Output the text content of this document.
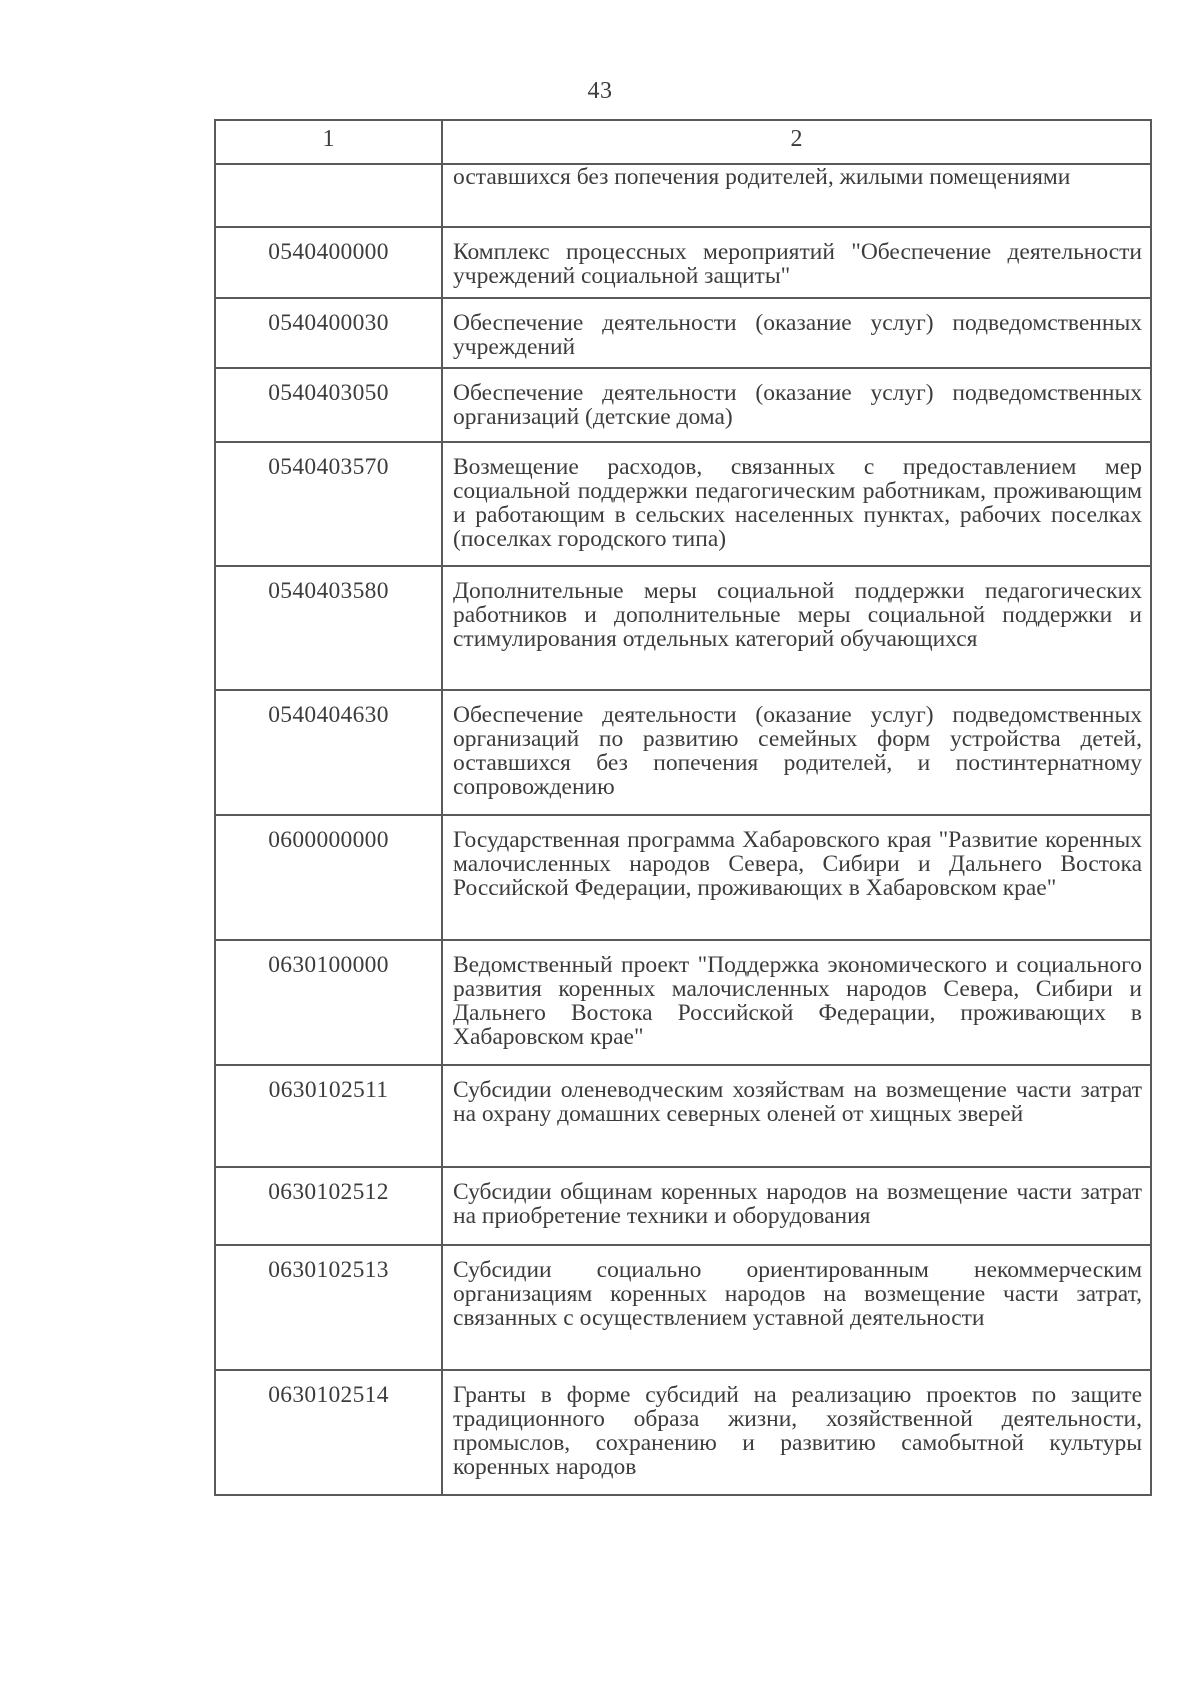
43
1	2
	оставшихся без попечения родителей, жилыми помещениями
0540400000	Комплекс процессных мероприятий "Обеспечение деятельности учреждений социальной защиты"
0540400030	Обеспечение деятельности (оказание услуг) подведомственных учреждений
0540403050	Обеспечение деятельности (оказание услуг) подведомственных организаций (детские дома)
0540403570	Возмещение расходов, связанных с предоставлением мер социальной поддержки педагогическим работникам, проживающим и работающим в сельских населенных пунктах, рабочих поселках (поселках городского типа)
0540403580	Дополнительные меры социальной поддержки педагогических работников и дополнительные меры социальной поддержки и стимулирования отдельных категорий обучающихся
0540404630	Обеспечение деятельности (оказание услуг) подведомственных организаций по развитию семейных форм устройства детей, оставшихся без попечения родителей, и постинтернатному сопровождению
0600000000	Государственная программа Хабаровского края "Развитие коренных малочисленных народов Севера, Сибири и Дальнего Востока Российской Федерации, проживающих в Хабаровском крае"
0630100000	Ведомственный проект "Поддержка экономического и социального развития коренных малочисленных народов Севера, Сибири и Дальнего Востока Российской Федерации, проживающих в Хабаровском крае"
0630102511	Субсидии оленеводческим хозяйствам на возмещение части затрат на охрану домашних северных оленей от хищных зверей
0630102512	Субсидии общинам коренных народов на возмещение части затрат на приобретение техники и оборудования
0630102513	Субсидии социально ориентированным некоммерческим организациям коренных народов на возмещение части затрат, связанных с осуществлением уставной деятельности
0630102514	Гранты в форме субсидий на реализацию проектов по защите традиционного образа жизни, хозяйственной деятельности, промыслов, сохранению и развитию самобытной культуры коренных народов
